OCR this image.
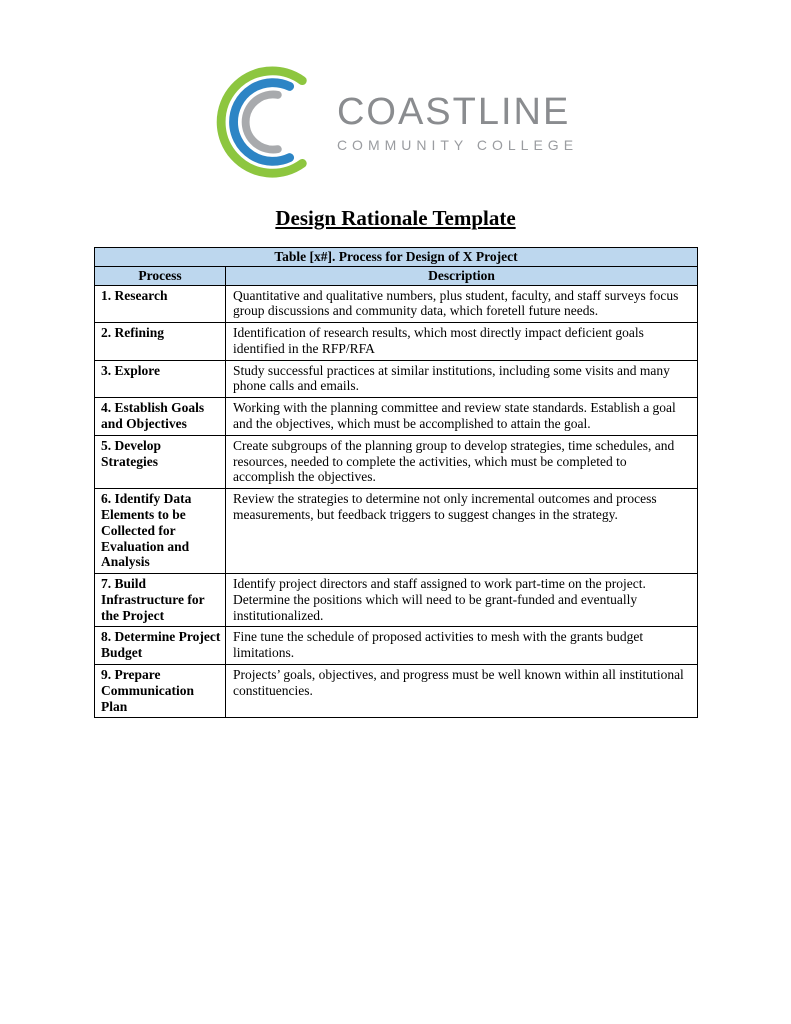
COASTLINE
COMMUNITY COLLEGE
Design Rationale Template
Table [x#]. Process for Design of X Project	
Process	Description
1. Research	Quantitative and qualitative numbers, plus student, faculty, and staff surveys focus group discussions and community data, which foretell future needs.
2. Refining	Identification of research results, which most directly impact deficient goals identified in the RFP/RFA
3. Explore	Study successful practices at similar institutions, including some visits and many phone calls and emails.
4. Establish Goals and Objectives	Working with the planning committee and review state standards. Establish a goal and the objectives, which must be accomplished to attain the goal.
5. Develop Strategies	Create subgroups of the planning group to develop strategies, time schedules, and resources, needed to complete the activities, which must be completed to accomplish the objectives.
6. Identify Data Elements to be Collected for Evaluation and Analysis	Review the strategies to determine not only incremental outcomes and process measurements, but feedback triggers to suggest changes in the strategy.
7. Build Infrastructure for the Project	Identify project directors and staff assigned to work part-time on the project. Determine the positions which will need to be grant-funded and eventually institutionalized.
8. Determine Project Budget	Fine tune the schedule of proposed activities to mesh with the grants budget limitations.
9. Prepare Communication Plan	Projects’ goals, objectives, and progress must be well known within all institutional constituencies.
